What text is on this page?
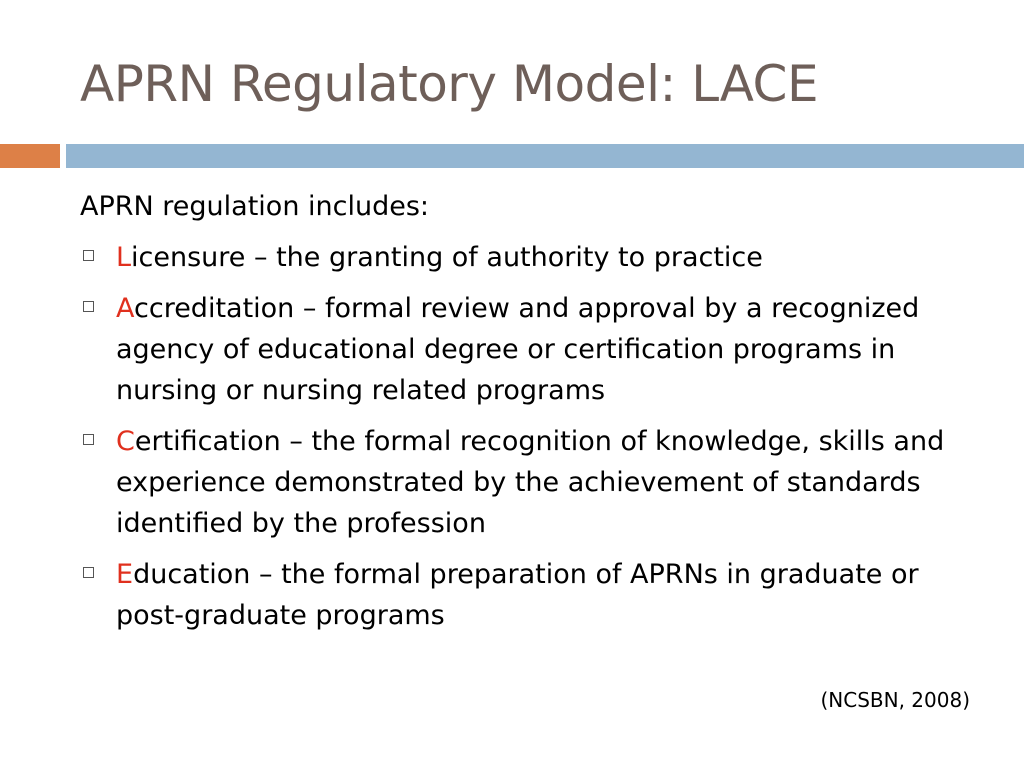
APRN Regulatory Model: LACE
APRN regulation includes:
Licensure – the granting of authority to practice
Accreditation – formal review and approval by a recognized agency of educational degree or certification programs in nursing or nursing related programs
Certification – the formal recognition of knowledge, skills and experience demonstrated by the achievement of standards identified by the profession
Education – the formal preparation of APRNs in graduate or post-graduate programs
(NCSBN, 2008)
